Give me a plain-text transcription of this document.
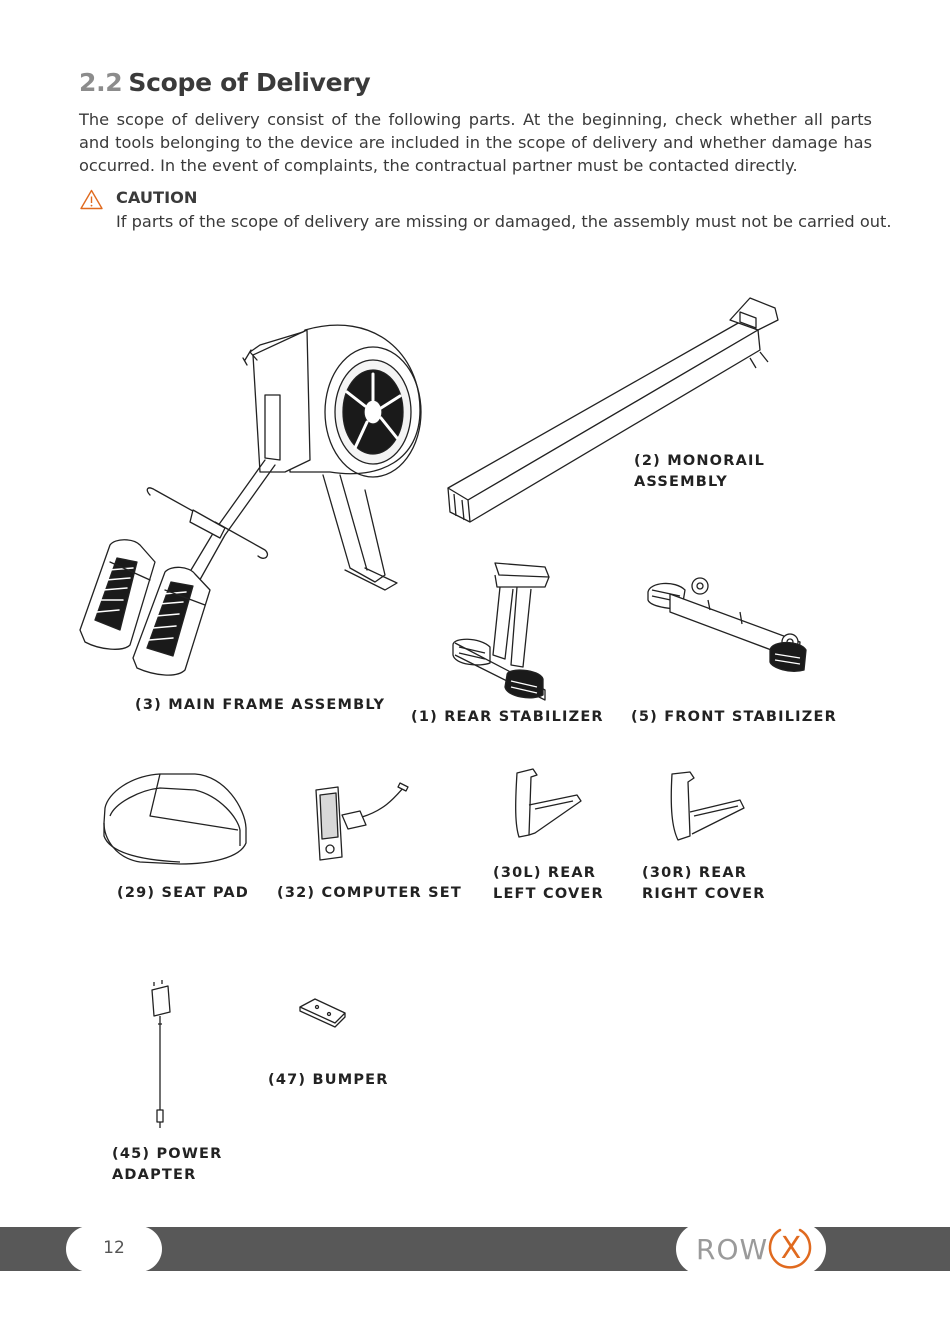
2.2 Scope of Delivery

The scope of delivery consist of the following parts. At the beginning, check whether all parts and tools belonging to the device are included in the scope of delivery and whether damage has occurred. In the event of complaints, the contractual partner must be contacted directly.

CAUTION
If parts of the scope of delivery are missing or damaged, the assembly must not be carried out.
(3) MAIN FRAME ASSEMBLY
(2) MONORAIL
ASSEMBLY
(1) REAR STABILIZER (5) FRONT STABILIZER
(29) SEAT PAD (32) COMPUTER SET
(30L) REAR
LEFT COVER
(30R) REAR
RIGHT COVER
(45) POWER
ADAPTER
(47) BUMPER
12	ROW X
